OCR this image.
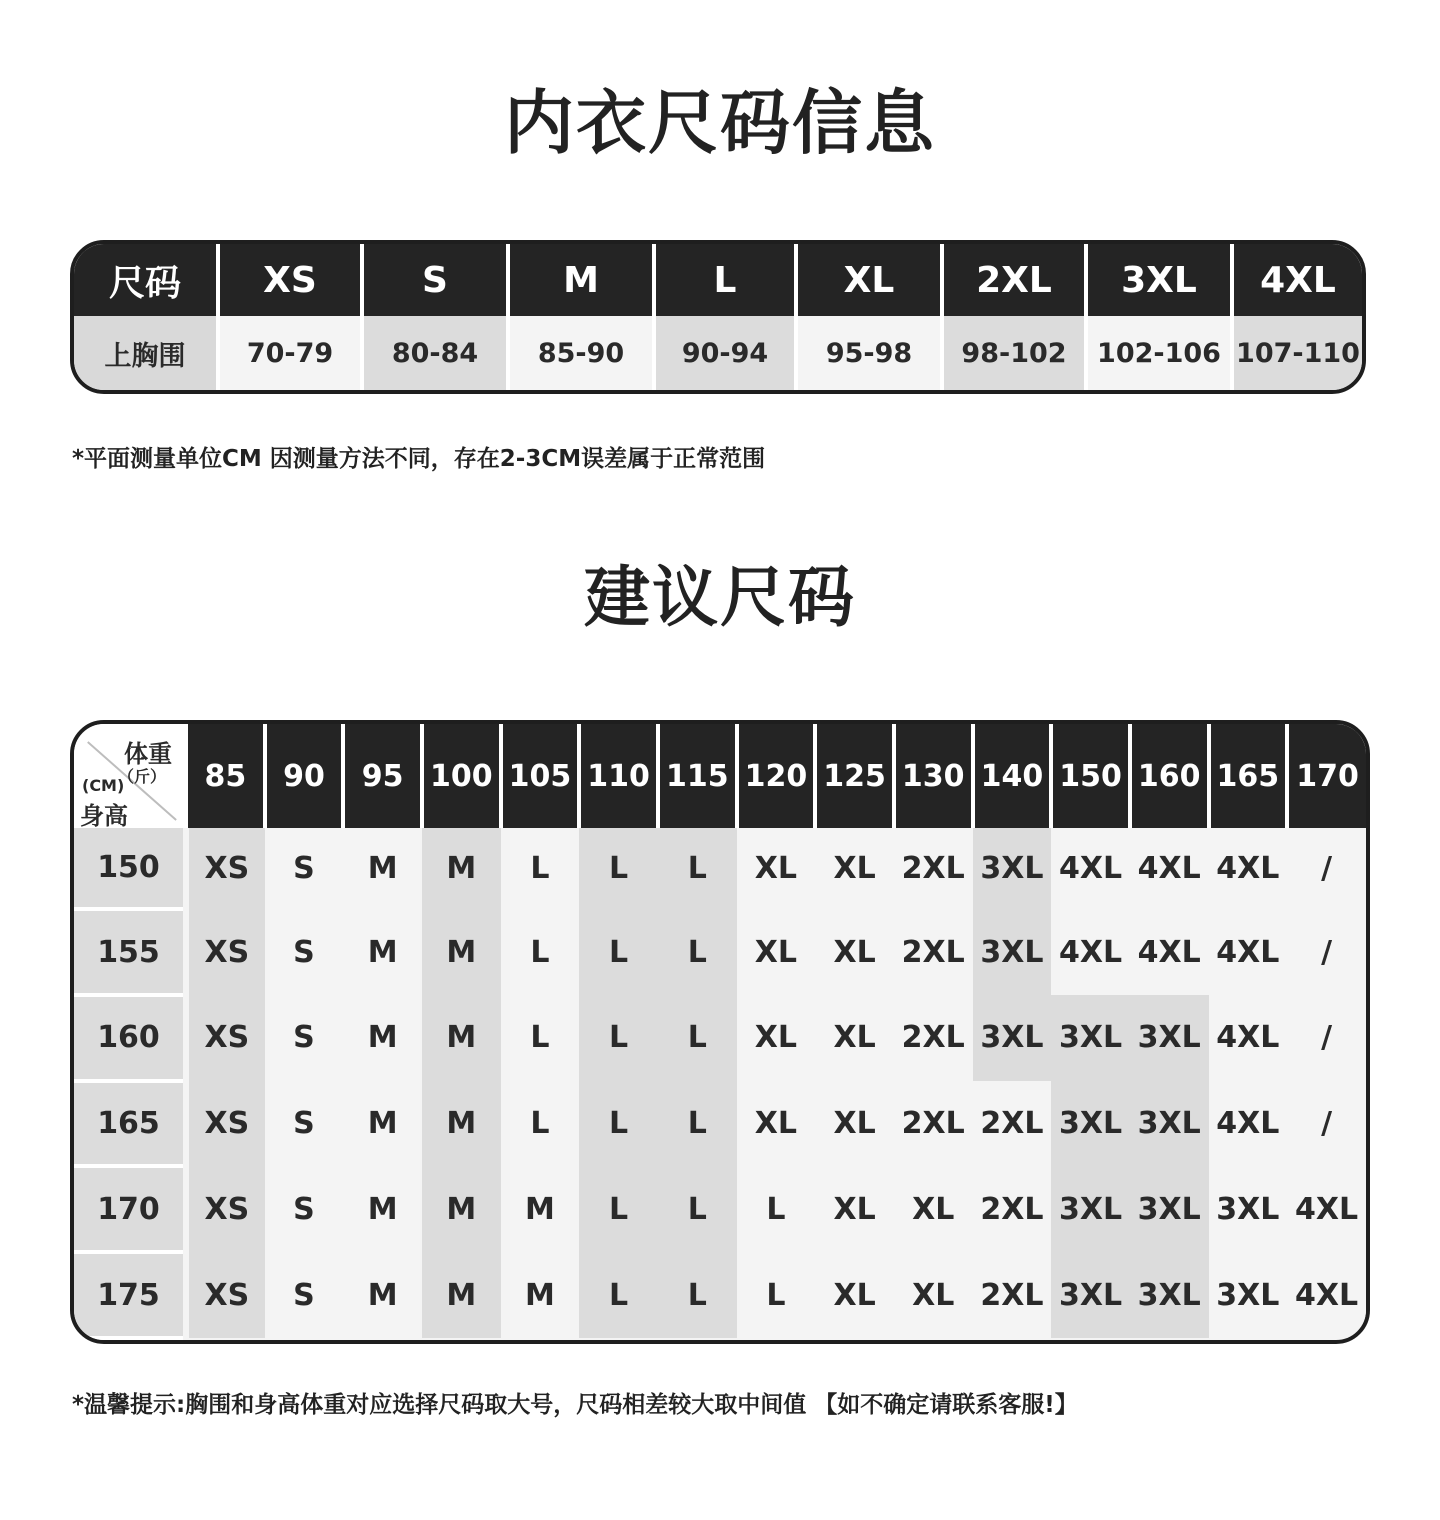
内衣尺码信息
尺码	XS	S	M	L	XL	2XL	3XL	4XL
上胸围	70-79	80-84	85-90	90-94	95-98	98-102	102-106	107-110
*平面测量单位CM 因测量方法不同，存在2-3CM误差属于正常范围
建议尺码
体重
（斤）
(CM)
身高	85	90	95	100	105	110	115	120	125	130	140	150	160	165	170
150	XS	S	M	M	L	L	L	XL	XL	2XL	3XL	4XL	4XL	4XL	/
155	XS	S	M	M	L	L	L	XL	XL	2XL	3XL	4XL	4XL	4XL	/
160	XS	S	M	M	L	L	L	XL	XL	2XL	3XL	3XL	3XL	4XL	/
165	XS	S	M	M	L	L	L	XL	XL	2XL	2XL	3XL	3XL	4XL	/
170	XS	S	M	M	M	L	L	L	XL	XL	2XL	3XL	3XL	3XL	4XL
175	XS	S	M	M	M	L	L	L	XL	XL	2XL	3XL	3XL	3XL	4XL
*温馨提示:胸围和身高体重对应选择尺码取大号，尺码相差较大取中间值 【如不确定请联系客服!】
